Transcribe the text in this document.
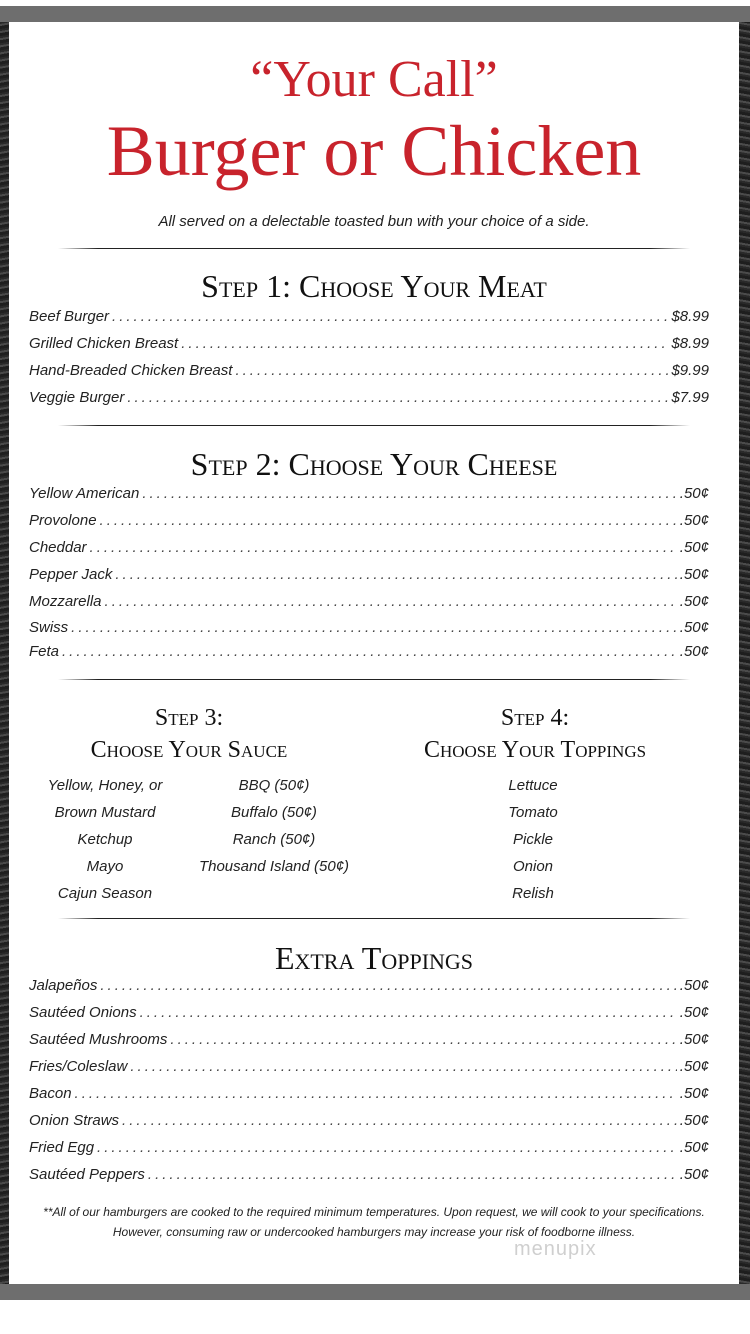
“Your Call”
Burger or Chicken
All served on a delectable toasted bun with your choice of a side.
Step 1: Choose Your Meat
Beef Burger .....	$8.99
Grilled Chicken Breast .....	$8.99
Hand-Breaded Chicken Breast .....	$9.99
Veggie Burger .....	$7.99
Step 2: Choose Your Cheese
Yellow American .....	.50¢
Provolone .....	.50¢
Cheddar .....	.50¢
Pepper Jack .....	.50¢
Mozzarella .....	.50¢
Swiss .....	.50¢
Feta .....	.50¢
Step 3:
Choose Your Sauce
Step 4:
Choose Your Toppings
Yellow, Honey, or
Brown Mustard
Ketchup
Mayo
Cajun Season
BBQ (50¢)
Buffalo (50¢)
Ranch (50¢)
Thousand Island (50¢)
Lettuce
Tomato
Pickle
Onion
Relish
Extra Toppings
Jalapeños .....	.50¢
Sautéed Onions .....	.50¢
Sautéed Mushrooms .....	.50¢
Fries/Coleslaw .....	.50¢
Bacon .....	.50¢
Onion Straws .....	.50¢
Fried Egg .....	.50¢
Sautéed Peppers .....	.50¢
**All of our hamburgers are cooked to the required minimum temperatures. Upon request, we will cook to your specifications. However, consuming raw or undercooked hamburgers may increase your risk of foodborne illness.
menupix
